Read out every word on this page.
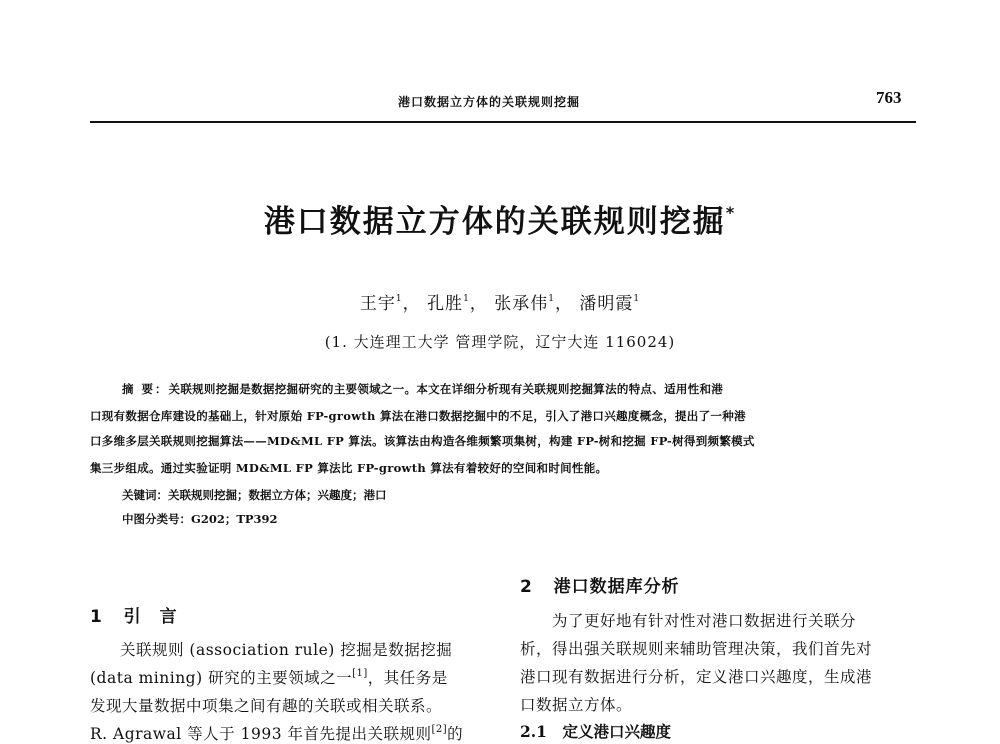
港口数据立方体的关联规则挖掘	763
港口数据立方体的关联规则挖掘*
王宇$^1$， 孔胜$^1$， 张承伟$^1$， 潘明霞$^1$
(1. 大连理工大学 管理学院，辽宁大连 116024)
摘 要：关联规则挖掘是数据挖掘研究的主要领域之一。本文在详细分析现有关联规则挖掘算法的特点、适用性和港
口现有数据仓库建设的基础上，针对原始 FP-growth 算法在港口数据挖掘中的不足，引入了港口兴趣度概念，提出了一种港
口多维多层关联规则挖掘算法——MD&ML FP 算法。该算法由构造各维频繁项集树，构建 FP-树和挖掘 FP-树得到频繁模式
集三步组成。通过实验证明 MD&ML FP 算法比 FP-growth 算法有着较好的空间和时间性能。
关键词：关联规则挖掘；数据立方体；兴趣度；港口
中图分类号：G202；TP392
1 引　言
关联规则 (association rule) 挖掘是数据挖掘
(data mining) 研究的主要领域之一[1]，其任务是
发现大量数据中项集之间有趣的关联或相关联系。
R. Agrawal 等人于 1993 年首先提出关联规则[2]的
2 港口数据库分析
为了更好地有针对性对港口数据进行关联分
析，得出强关联规则来辅助管理决策，我们首先对
港口现有数据进行分析，定义港口兴趣度，生成港
口数据立方体。
2.1　定义港口兴趣度
